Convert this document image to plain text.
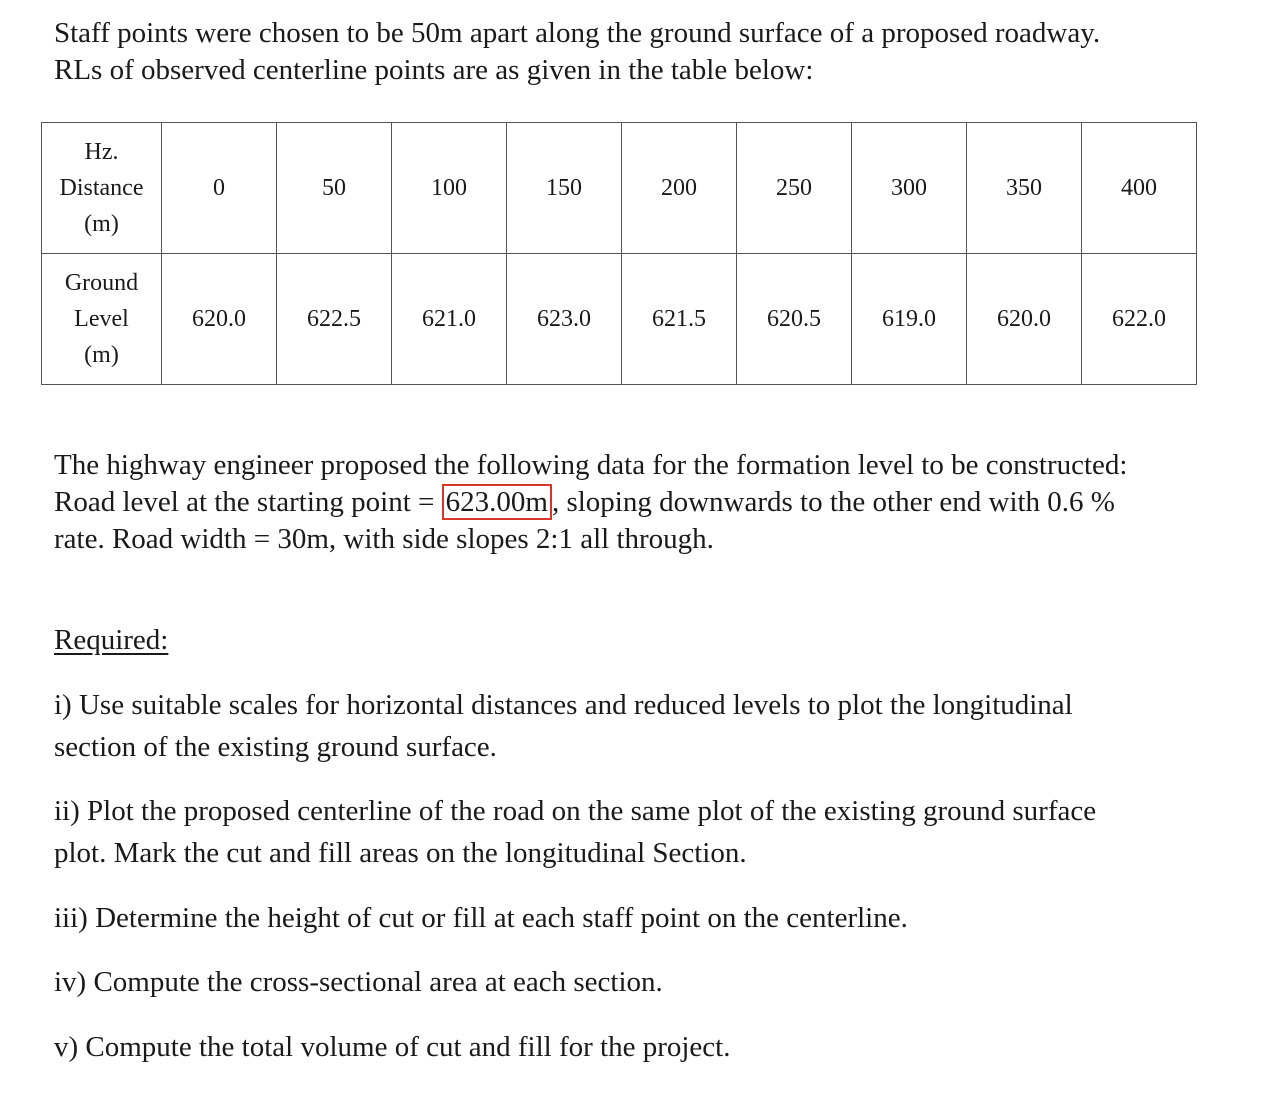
Staff points were chosen to be 50m apart along the ground surface of a proposed roadway.
RLs of observed centerline points are as given in the table below:
Hz.
Distance
(m)	0	50	100	150	200	250	300	350	400

Ground
Level
(m)	620.0	622.5	621.0	623.0	621.5	620.5	619.0	620.0	622.0
The highway engineer proposed the following data for the formation level to be constructed:
Road level at the starting point = 623.00m , sloping downwards to the other end with 0.6 %
rate. Road width = 30m, with side slopes 2:1 all through.
Required:
i) Use suitable scales for horizontal distances and reduced levels to plot the longitudinal
section of the existing ground surface.
ii) Plot the proposed centerline of the road on the same plot of the existing ground surface
plot. Mark the cut and fill areas on the longitudinal Section.
iii) Determine the height of cut or fill at each staff point on the centerline.
iv) Compute the cross-sectional area at each section.
v) Compute the total volume of cut and fill for the project.
